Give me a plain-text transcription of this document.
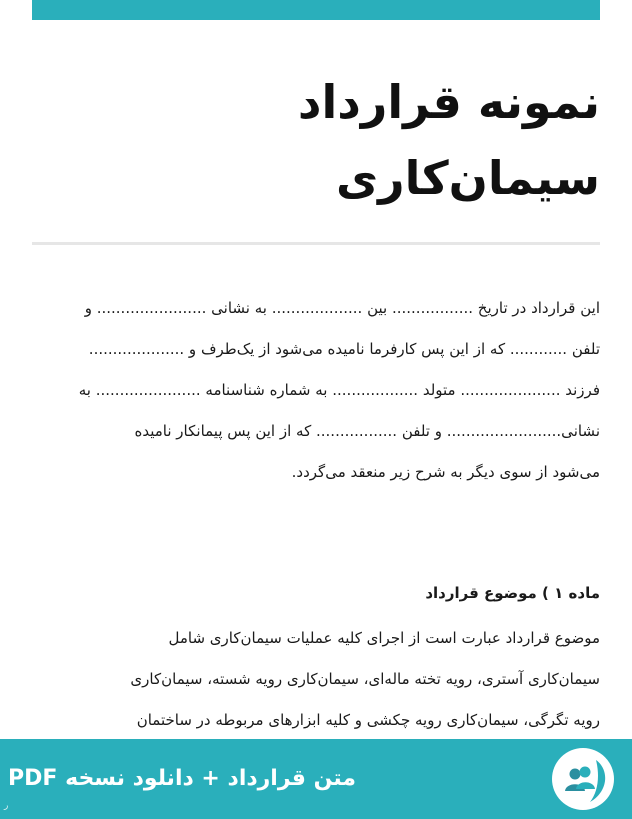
نمونه قرارداد
سیمان‌کاری

این قرارداد در تاریخ ................. بین ................... به نشانی ....................... و
تلفن ............ که از این پس کارفرما نامیده می‌شود از یک‌طرف و ....................
فرزند ..................... متولد .................. به شماره شناسنامه ...................... به
نشانی........................ و تلفن ................. که از این پس پیمانکار نامیده
می‌شود از سوی دیگر به شرح زیر منعقد می‌گردد.

ماده ۱ ) موضوع قرارداد

موضوع قرارداد عبارت است از اجرای کلیه عملیات سیمان‌کاری شامل
سیمان‌کاری آستری، رویه تخته ماله‌ای، سیمان‌کاری رویه شسته، سیمان‌کاری
رویه تگرگی، سیمان‌کاری رویه چکشی و کلیه ابزارهای مربوطه در ساختمان

متن قرارداد + دانلود نسخه PDF
ر
